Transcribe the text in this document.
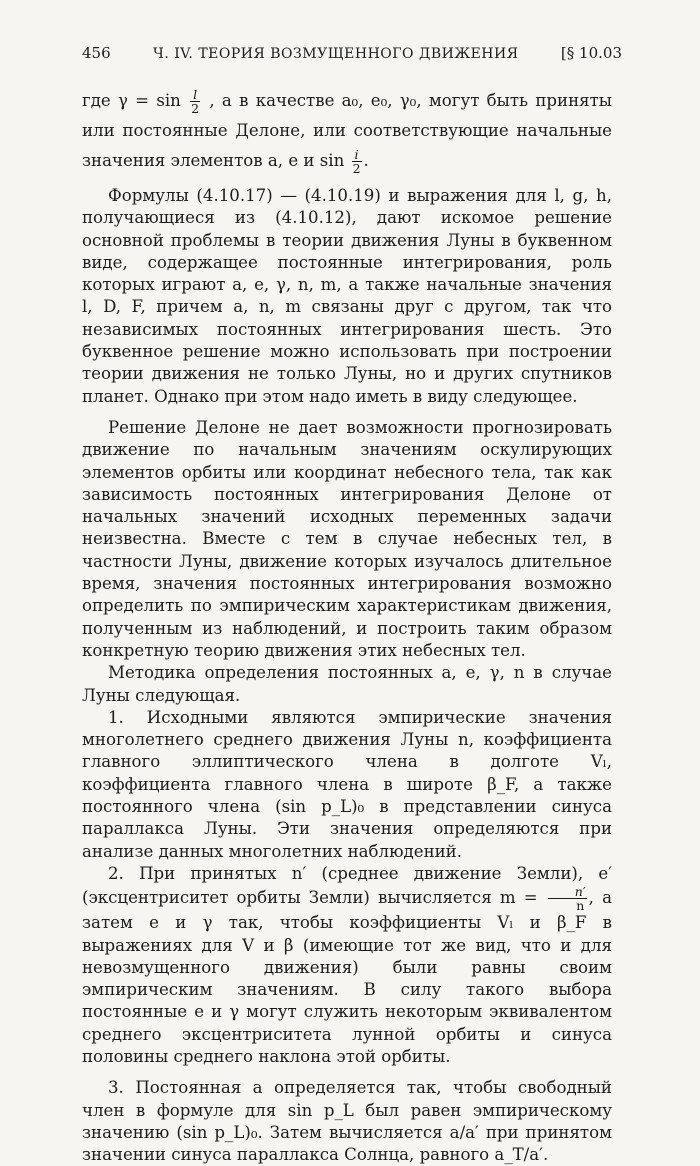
456	Ч. IV. ТЕОРИЯ ВОЗМУЩЕННОГО ДВИЖЕНИЯ	[§ 10.03

где $\gamma = \sin \frac{l}{2}$ , а в качестве a₀, e₀, γ₀, могут быть приняты или постоянные Делоне, или соответствующие начальные значения элементов a, e и $\sin \frac{i}{2}$ .

Формулы (4.10.17) — (4.10.19) и выражения для l, g, h, получающиеся из (4.10.12), дают искомое решение основной проблемы в теории движения Луны в буквенном виде, содержащее постоянные интегрирования, роль которых играют a, e, γ, n, m, а также начальные значения l, D, F, причем a, n, m связаны друг с другом, так что независимых постоянных интегрирования шесть. Это буквенное решение можно использовать при построении теории движения не только Луны, но и других спутников планет. Однако при этом надо иметь в виду следующее.

Решение Делоне не дает возможности прогнозировать движение по начальным значениям оскулирующих элементов орбиты или координат небесного тела, так как зависимость постоянных интегрирования Делоне от начальных значений исходных переменных задачи неизвестна. Вместе с тем в случае небесных тел, в частности Луны, движение которых изучалось длительное время, значения постоянных интегрирования возможно определить по эмпирическим характеристикам движения, полученным из наблюдений, и построить таким образом конкретную теорию движения этих небесных тел.

Методика определения постоянных a, e, γ, n в случае Луны следующая.

1. Исходными являются эмпирические значения многолетнего среднего движения Луны n, коэффициента главного эллиптического члена в долготе Vₗ, коэффициента главного члена в широте β_F, а также постоянного члена (sin p_L)₀ в представлении синуса параллакса Луны. Эти значения определяются при анализе данных многолетних наблюдений.

2. При принятых n′ (среднее движение Земли), e′ (эксцентриситет орбиты Земли) вычисляется $m = \frac{n'}{n}$ , а затем e и γ так, чтобы коэффициенты Vₗ и β_F в выражениях для V и β (имеющие тот же вид, что и для невозмущенного движения) были равны своим эмпирическим значениям. В силу такого выбора постоянные e и γ могут служить некоторым эквивалентом среднего эксцентриситета лунной орбиты и синуса половины среднего наклона этой орбиты.

3. Постоянная a определяется так, чтобы свободный член в формуле для sin p_L был равен эмпирическому значению (sin p_L)₀. Затем вычисляется a/a′ при принятом значении синуса параллакса Солнца, равного a_T/a′.
